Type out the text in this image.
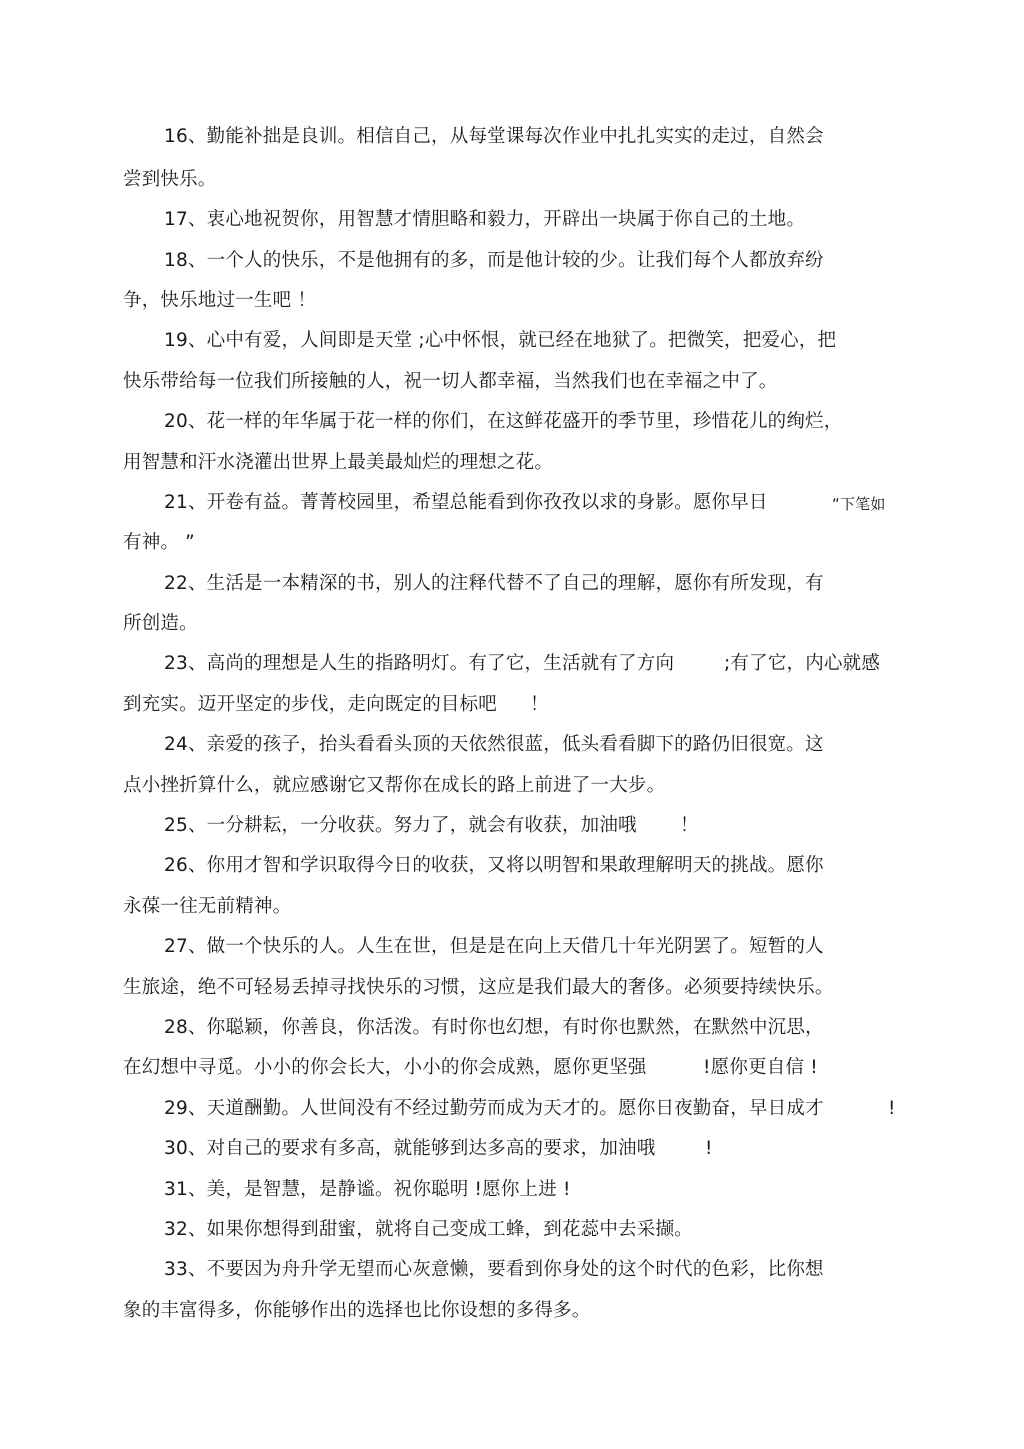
16、勤能补拙是良训。相信自己，从每堂课每次作业中扎扎实实的走过，自然会
尝到快乐。
17、衷心地祝贺你，用智慧才情胆略和毅力，开辟出一块属于你自己的土地。
18、一个人的快乐，不是他拥有的多，而是他计较的少。让我们每个人都放弃纷
争，快乐地过一生吧 ！
19、心中有爱，人间即是天堂 ;心中怀恨，就已经在地狱了。把微笑，把爱心，把
快乐带给每一位我们所接触的人，祝一切人都幸福，当然我们也在幸福之中了。
20、花一样的年华属于花一样的你们，在这鲜花盛开的季节里，珍惜花儿的绚烂，
用智慧和汗水浇灌出世界上最美最灿烂的理想之花。
21、开卷有益。菁菁校园里，希望总能看到你孜孜以求的身影。愿你早日	“下笔如
有神。 ”
22、生活是一本精深的书，别人的注释代替不了自己的理解，愿你有所发现，有
所创造。
23、高尚的理想是人生的指路明灯。有了它，生活就有了方向	;有了它，内心就感
到充实。迈开坚定的步伐，走向既定的目标吧 ！
24、亲爱的孩子，抬头看看头顶的天依然很蓝，低头看看脚下的路仍旧很宽。这
点小挫折算什么，就应感谢它又帮你在成长的路上前进了一大步。
25、一分耕耘，一分收获。努力了，就会有收获，加油哦 ！
26、你用才智和学识取得今日的收获，又将以明智和果敢理解明天的挑战。愿你
永葆一往无前精神。
27、做一个快乐的人。人生在世，但是是在向上天借几十年光阴罢了。短暂的人
生旅途，绝不可轻易丢掉寻找快乐的习惯，这应是我们最大的奢侈。必须要持续快乐。
28、你聪颖，你善良，你活泼。有时你也幻想，有时你也默然，在默然中沉思，
在幻想中寻觅。小小的你会长大，小小的你会成熟，愿你更坚强	!愿你更自信 !
29、天道酬勤。人世间没有不经过勤劳而成为天才的。愿你日夜勤奋，早日成才	!
30、对自己的要求有多高，就能够到达多高的要求，加油哦	!
31、美，是智慧，是静谧。祝你聪明 !愿你上进 !
32、如果你想得到甜蜜，就将自己变成工蜂，到花蕊中去采撷。
33、不要因为舟升学无望而心灰意懒，要看到你身处的这个时代的色彩，比你想
象的丰富得多，你能够作出的选择也比你设想的多得多。
